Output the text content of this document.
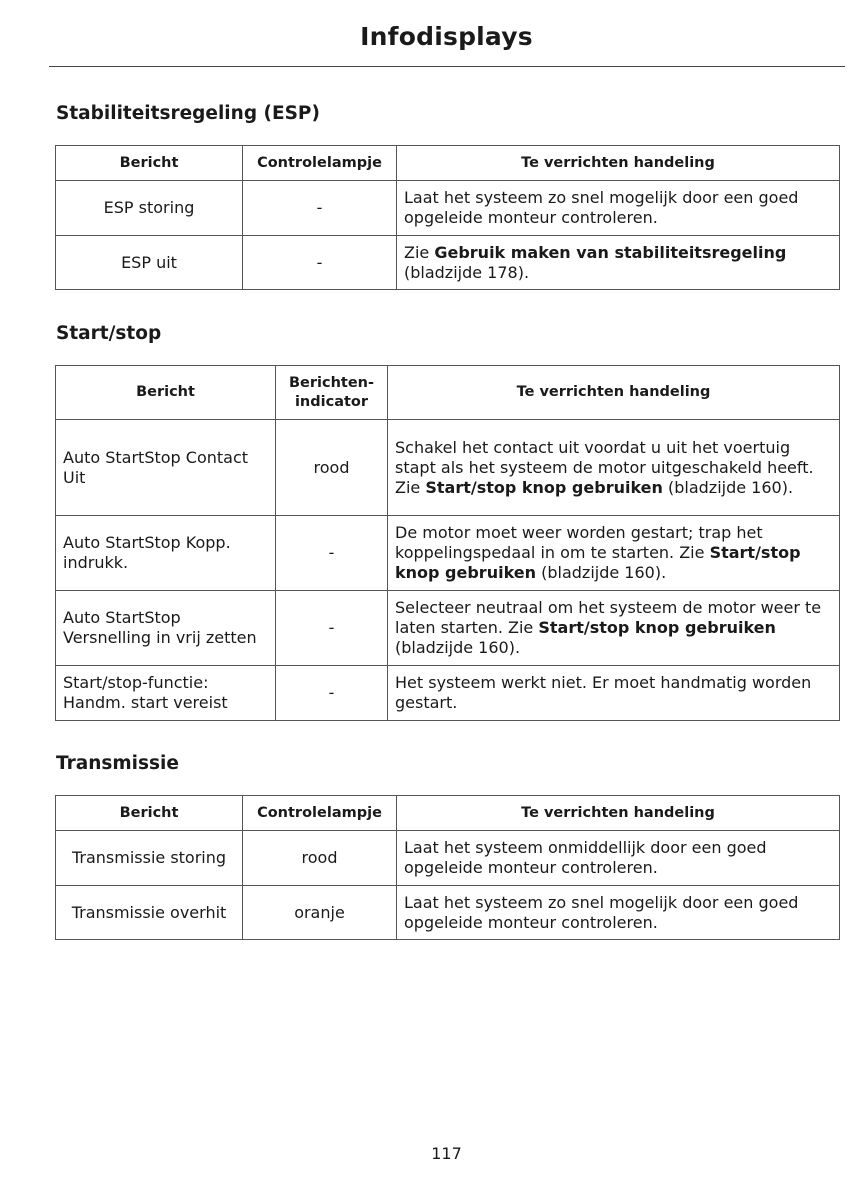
Infodisplays
Stabiliteitsregeling (ESP)
Bericht	Controlelampje	Te verrichten handeling
ESP storing	-	Laat het systeem zo snel mogelijk door een goed opgeleide monteur controleren.
ESP uit	-	Zie Gebruik maken van stabiliteitsregeling (bladzijde 178).
Start/stop
Bericht	Berichten-indicator	Te verrichten handeling
Auto StartStop Contact Uit	rood	Schakel het contact uit voordat u uit het voertuig stapt als het systeem de motor uitgeschakeld heeft. Zie Start/stop knop gebruiken (bladzijde 160).
Auto StartStop Kopp. indrukk.	-	De motor moet weer worden gestart; trap het koppelingspedaal in om te starten. Zie Start/stop knop gebruiken (bladzijde 160).
Auto StartStop Versnelling in vrij zetten	-	Selecteer neutraal om het systeem de motor weer te laten starten. Zie Start/stop knop gebruiken (bladzijde 160).
Start/stop-functie: Handm. start vereist	-	Het systeem werkt niet. Er moet handmatig worden gestart.
Transmissie
Bericht	Controlelampje	Te verrichten handeling
Transmissie storing	rood	Laat het systeem onmiddellijk door een goed opgeleide monteur controleren.
Transmissie overhit	oranje	Laat het systeem zo snel mogelijk door een goed opgeleide monteur controleren.
117
